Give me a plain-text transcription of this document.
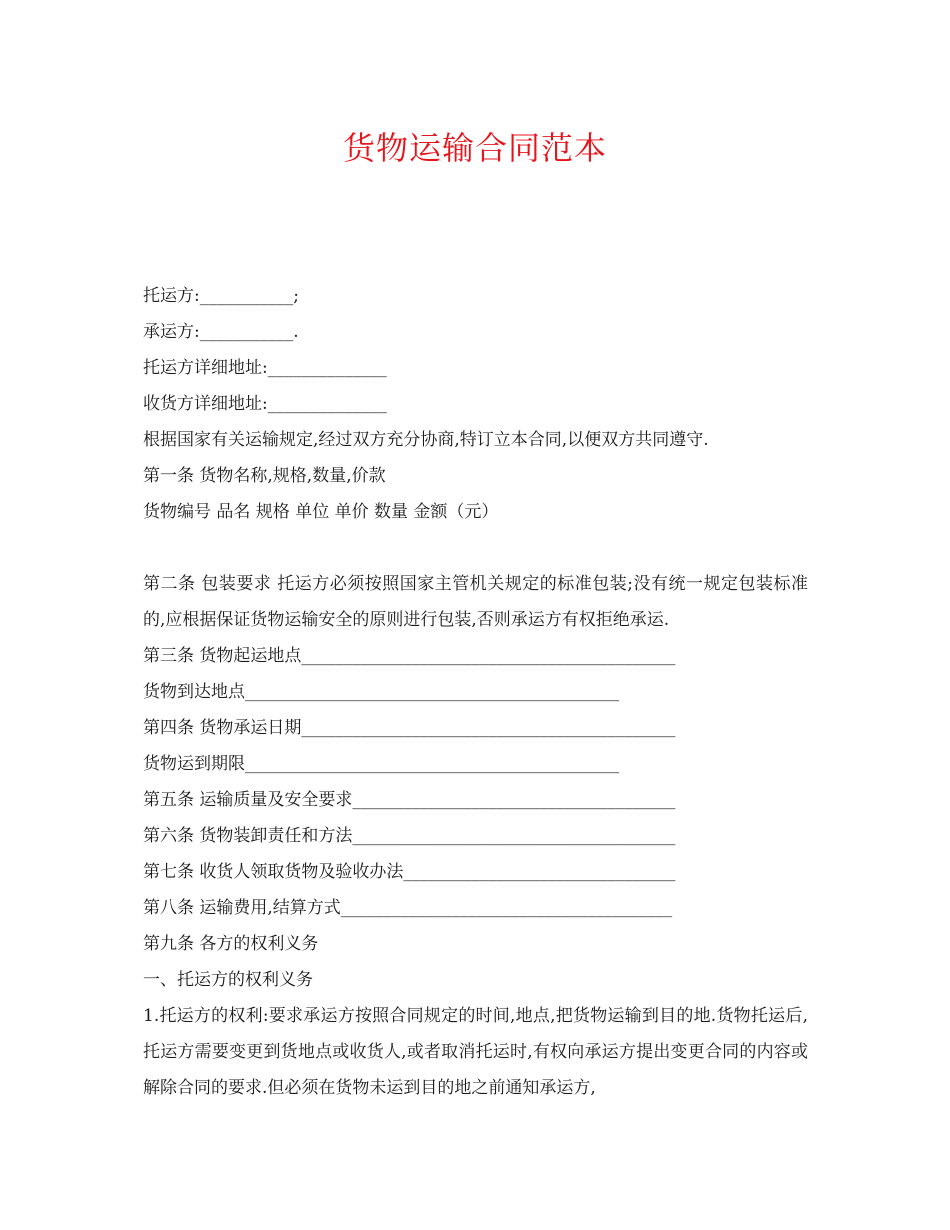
货物运输合同范本
托运方:___________;
承运方:___________.
托运方详细地址:______________
收货方详细地址:______________
根据国家有关运输规定,经过双方充分协商,特订立本合同,以便双方共同遵守.
第一条 货物名称,规格,数量,价款
货物编号 品名 规格 单位 单价 数量 金额（元）
第二条 包装要求 托运方必须按照国家主管机关规定的标准包装;没有统一规定包装标准的,应根据保证货物运输安全的原则进行包装,否则承运方有权拒绝承运.
第三条 货物起运地点____________________________________________
货物到达地点____________________________________________
第四条 货物承运日期____________________________________________
货物运到期限____________________________________________
第五条 运输质量及安全要求______________________________________
第六条 货物装卸责任和方法______________________________________
第七条 收货人领取货物及验收办法________________________________
第八条 运输费用,结算方式_______________________________________
第九条 各方的权利义务
一、托运方的权利义务
1.托运方的权利:要求承运方按照合同规定的时间,地点,把货物运输到目的地.货物托运后,托运方需要变更到货地点或收货人,或者取消托运时,有权向承运方提出变更合同的内容或解除合同的要求.但必须在货物未运到目的地之前通知承运方,
